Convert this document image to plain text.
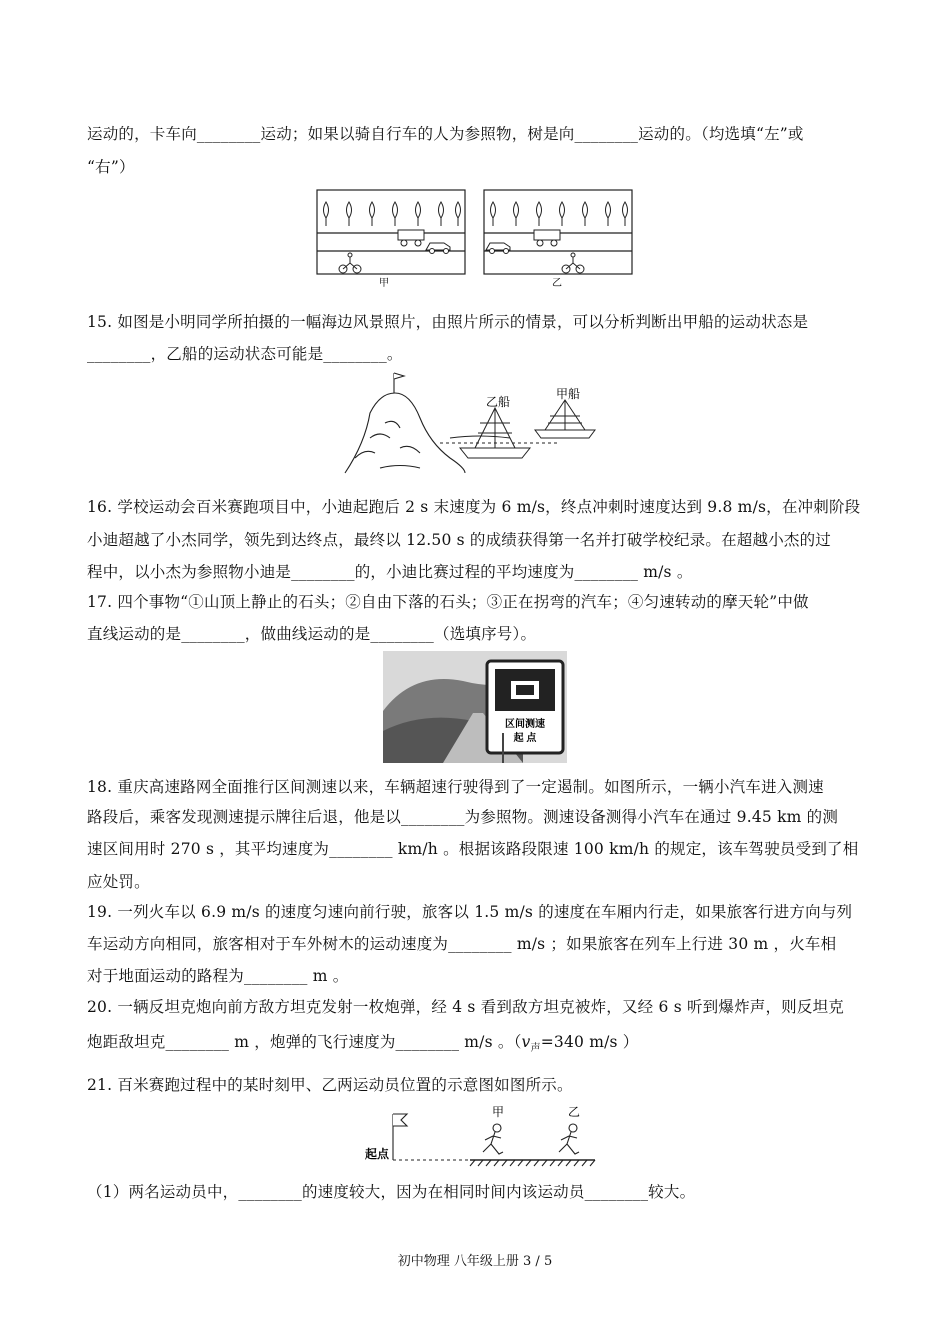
运动的，卡车向________运动；如果以骑自行车的人为参照物，树是向________运动的。（均选填“左”或
“右”）
甲	乙
15. 如图是小明同学所拍摄的一幅海边风景照片，由照片所示的情景，可以分析判断出甲船的运动状态是
________，乙船的运动状态可能是________。
乙船
甲船
16. 学校运动会百米赛跑项目中，小迪起跑后 2 s 末速度为 6 m/s，终点冲刺时速度达到 9.8 m/s，在冲刺阶段
小迪超越了小杰同学，领先到达终点，最终以 12.50 s 的成绩获得第一名并打破学校纪录。在超越小杰的过
程中，以小杰为参照物小迪是________的，小迪比赛过程的平均速度为________ m/s 。
17. 四个事物“①山顶上静止的石头；②自由下落的石头；③正在拐弯的汽车；④匀速转动的摩天轮”中做
直线运动的是________，做曲线运动的是________（选填序号）。
区间测速
起 点
18. 重庆高速路网全面推行区间测速以来，车辆超速行驶得到了一定遏制。如图所示，一辆小汽车进入测速
路段后，乘客发现测速提示牌往后退，他是以________为参照物。测速设备测得小汽车在通过 9.45 km 的测
速区间用时 270 s ，其平均速度为________ km/h 。根据该路段限速 100 km/h 的规定，该车驾驶员受到了相
应处罚。
19. 一列火车以 6.9 m/s 的速度匀速向前行驶，旅客以 1.5 m/s 的速度在车厢内行走，如果旅客行进方向与列
车运动方向相同，旅客相对于车外树木的运动速度为________ m/s ；如果旅客在列车上行进 30 m ，火车相
对于地面运动的路程为________ m 。
20. 一辆反坦克炮向前方敌方坦克发射一枚炮弹，经 4 s 看到敌方坦克被炸，又经 6 s 听到爆炸声，则反坦克
炮距敌坦克________ m ，炮弹的飞行速度为________ m/s 。（$v_声=340$ m/s ）
21. 百米赛跑过程中的某时刻甲、乙两运动员位置的示意图如图所示。
起点
甲	乙
（1）两名运动员中，________的速度较大，因为在相同时间内该运动员________较大。
初中物理 八年级上册 3 / 5
